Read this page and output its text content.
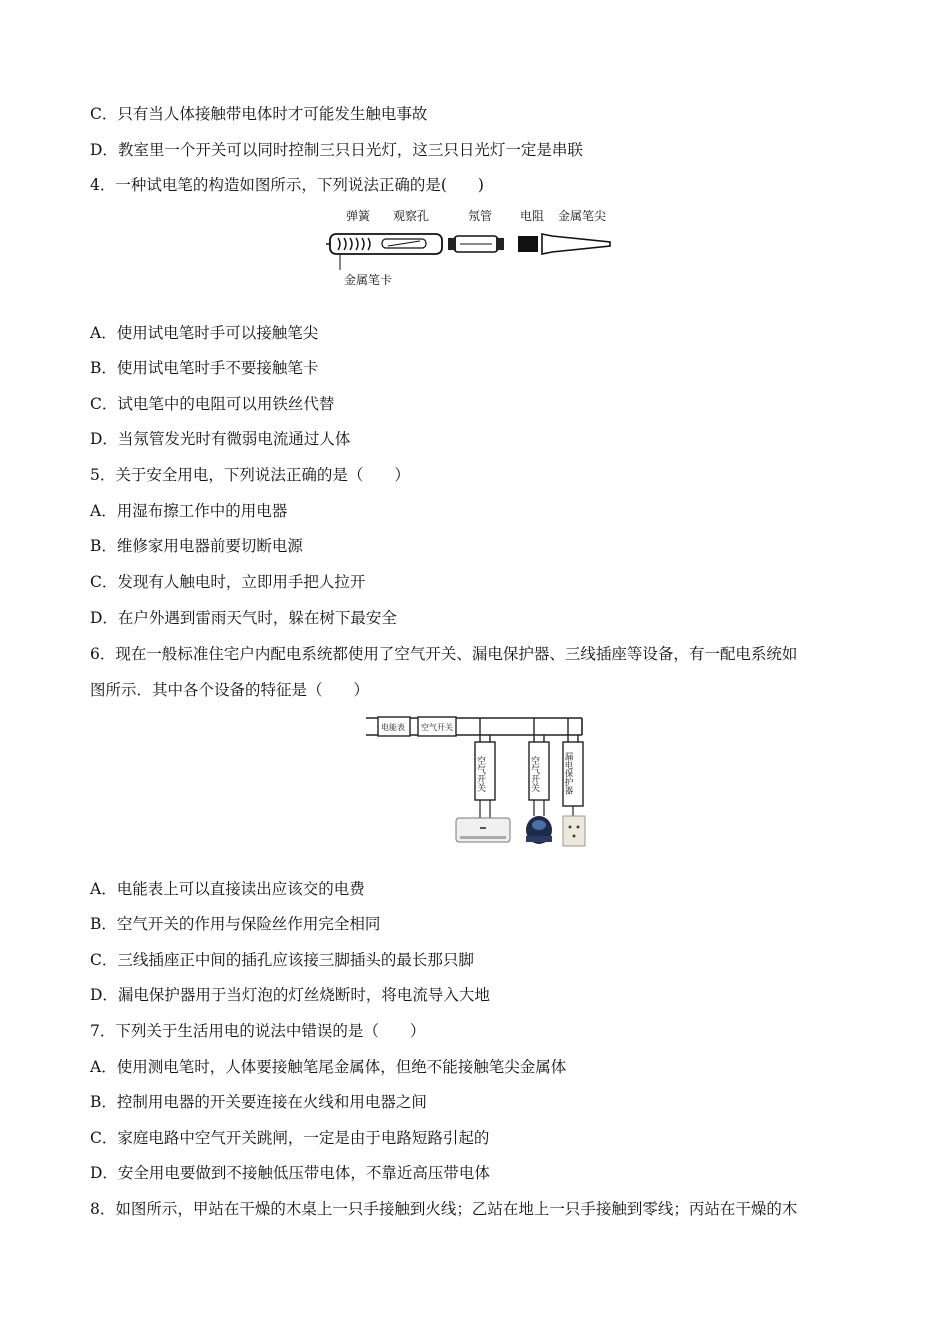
C．只有当人体接触带电体时才可能发生触电事故
D．教室里一个开关可以同时控制三只日光灯，这三只日光灯一定是串联
4．一种试电笔的构造如图所示，下列说法正确的是(　　)
弹簧 观察孔	氖管 电阻 金属笔尖
金属笔卡
A．使用试电笔时手可以接触笔尖
B．使用试电笔时手不要接触笔卡
C．试电笔中的电阻可以用铁丝代替
D．当氖管发光时有微弱电流通过人体
5．关于安全用电，下列说法正确的是（　　）
A．用湿布擦工作中的用电器
B．维修家用电器前要切断电源
C．发现有人触电时，立即用手把人拉开
D．在户外遇到雷雨天气时，躲在树下最安全
6．现在一般标准住宅户内配电系统都使用了空气开关、漏电保护器、三线插座等设备，有一配电系统如
图所示．其中各个设备的特征是（　　）
电能表 空气开关
空气开关	空气开关	漏电保护器
A．电能表上可以直接读出应该交的电费
B．空气开关的作用与保险丝作用完全相同
C．三线插座正中间的插孔应该接三脚插头的最长那只脚
D．漏电保护器用于当灯泡的灯丝烧断时，将电流导入大地
7．下列关于生活用电的说法中错误的是（　　）
A．使用测电笔时，人体要接触笔尾金属体，但绝不能接触笔尖金属体
B．控制用电器的开关要连接在火线和用电器之间
C．家庭电路中空气开关跳闸，一定是由于电路短路引起的
D．安全用电要做到不接触低压带电体，不靠近高压带电体
8．如图所示，甲站在干燥的木桌上一只手接触到火线；乙站在地上一只手接触到零线；丙站在干燥的木
